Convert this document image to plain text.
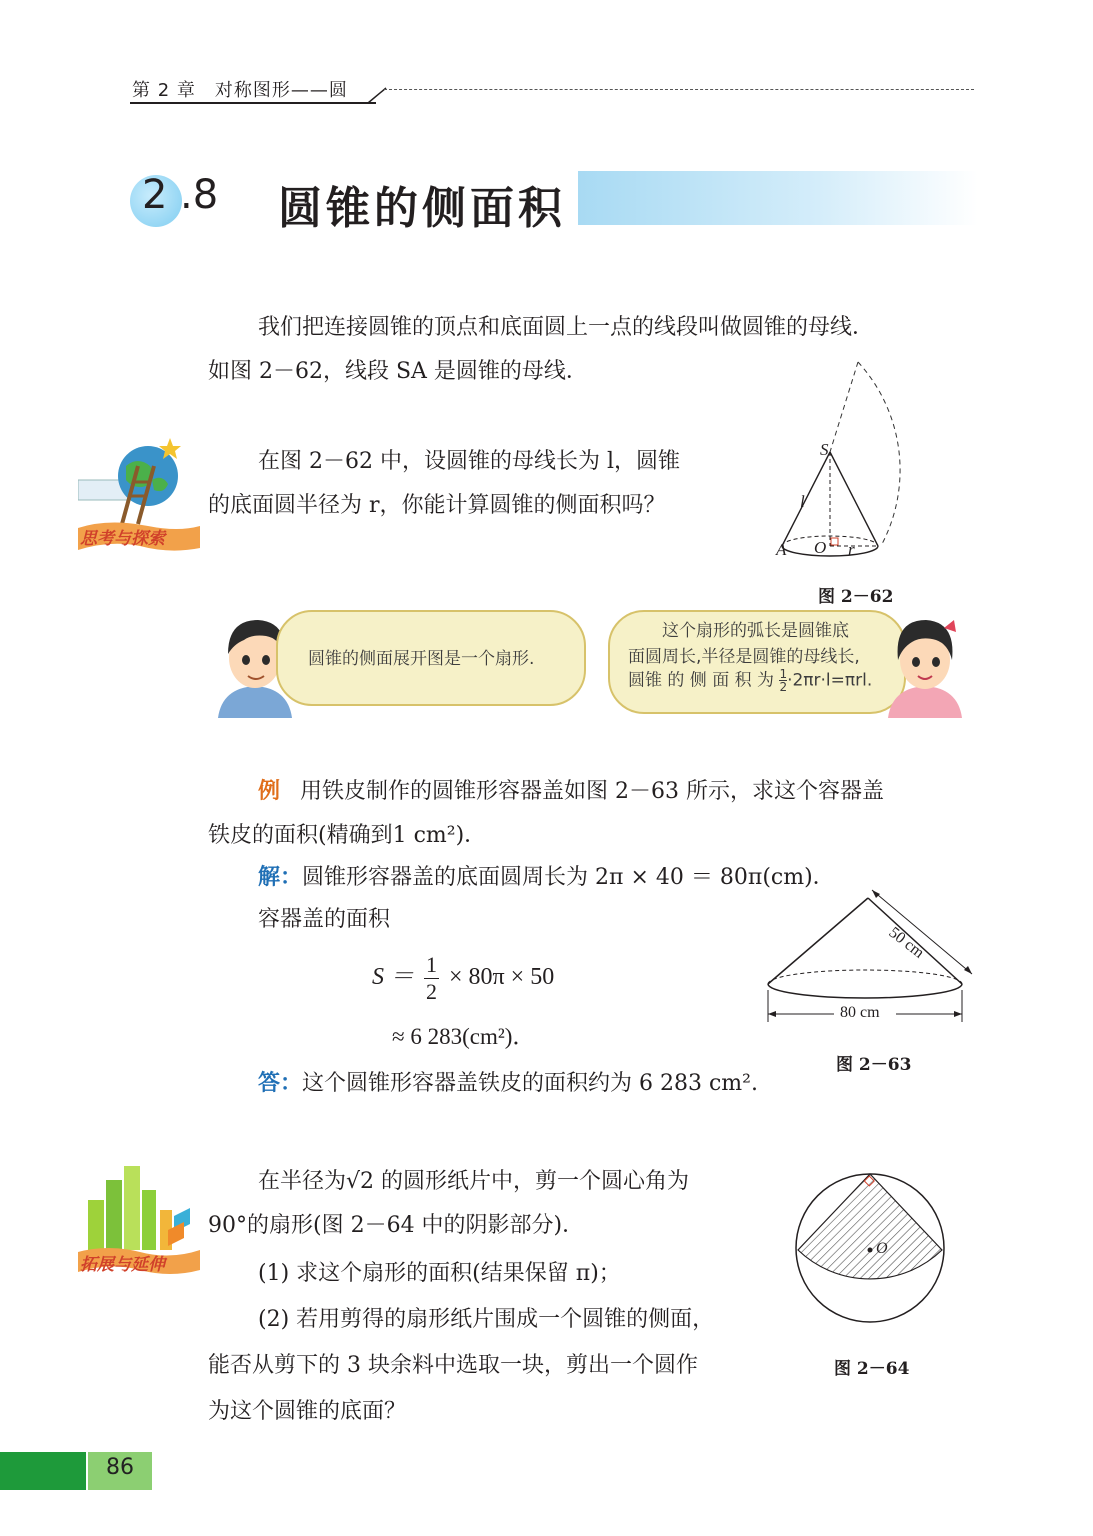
第 2 章　对称图形——圆
2 .8 圆锥的侧面积
我们把连接圆锥的顶点和底面圆上一点的线段叫做圆锥的母线．
如图 2－62，线段 SA 是圆锥的母线．
思考与探索
在图 2－62 中，设圆锥的母线长为 l，圆锥
的底面圆半径为 r，你能计算圆锥的侧面积吗？
S
l
A O r
图 2－62
圆锥的侧面展开图是一个扇形.
这个扇形的弧长是圆锥底
面圆周长,半径是圆锥的母线长,
圆锥 的 侧 面 积 为 $\frac{1}{2} \cdot 2\pi r\cdot l=\pi rl$.
例 用铁皮制作的圆锥形容器盖如图 2－63 所示，求这个容器盖
铁皮的面积(精确到1 cm²)．
解：圆锥形容器盖的底面圆周长为 2π × 40 ＝ 80π(cm)．
容器盖的面积
$S = \frac{1}{2} \times 80\pi \times 50$
≈ 6 283(cm²)．
答：这个圆锥形容器盖铁皮的面积约为 6 283 cm².
50 cm
80 cm
图 2－63
拓展与延伸
在半径为√2 的圆形纸片中，剪一个圆心角为
90°的扇形(图 2－64 中的阴影部分)．
(1) 求这个扇形的面积(结果保留 π)；
(2) 若用剪得的扇形纸片围成一个圆锥的侧面，
能否从剪下的 3 块余料中选取一块，剪出一个圆作
为这个圆锥的底面？
O
图 2－64
86
